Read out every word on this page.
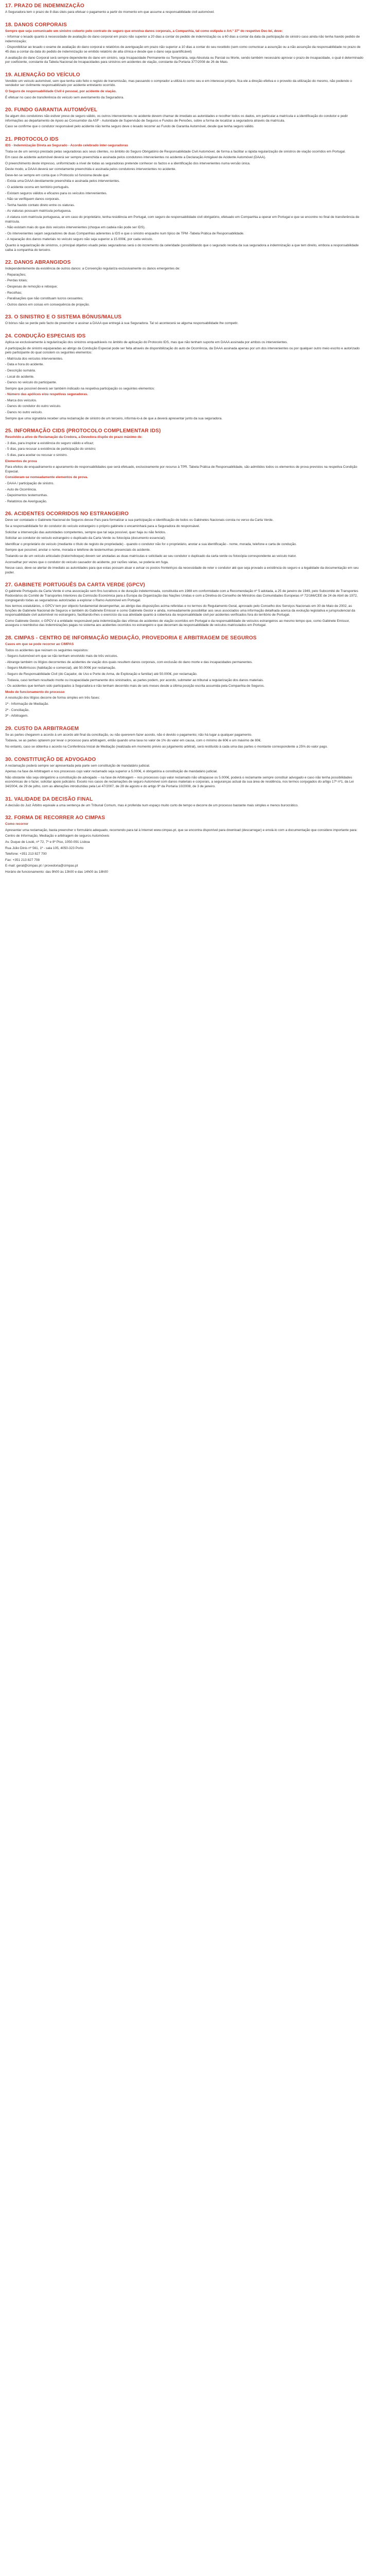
17. PRAZO DE INDEMNIZAÇÃO

A Seguradora tem o prazo de 8 dias úteis para efetuar o pagamento a partir do momento em que assume a responsabilidade civil automóvel.

18. DANOS CORPORAIS

Sempre que seja comunicado um sinistro coberto pelo contrato de seguro que envolva danos corporais, a Companhia, tal como estipula o Art.º 37º do respetivo Dec-lei, deve:

- Informar o lesado quanto à necessidade de avaliação do dano corporal em prazo não superior a 20 dias a contar do pedido de indemnização ou a 60 dias a contar da data da participação do sinistro caso ainda não tenha havido pedido de indemnização;

- Disponibilizar ao lesado o exame de avaliação do dano corporal e relatórios de averiguação em prazo não superior a 10 dias a contar do seu recebido (sem como comunicar a assunção ou a não assunção da responsabilidade no prazo de 45 dias a contar da data do pedido de indemnização se emitido relatório de alta clínica e desde que o dano seja quantificável)

A avaliação do dano Corporal será sempre dependente do dano em sinistro, seja Incapacidade Permanente ou Temporária, seja Absoluta ou Parcial ou Morte, sendo também necessário aprovar o prazo de incapacidade, o qual é determinado por coeficiente, constante da Tabela Nacional de Incapacidades para sinistros em acidentes de viação, constante da Portaria 377/2008 de 26 de Maio.

19. ALIENAÇÃO DO VEÍCULO

Vendido um veículo automóvel, sem que tenha sido feito o registo de transmissão, mas passando o comprador a utilizá-lo como seu e em interesse próprio, fica ele a direção efetiva e o proveito da utilização do mesmo, não podendo o vendedor ser civilmente responsabilizado por acidente entretanto ocorrido.

O Seguro de responsabilidade Civil é pessoal, por acidente de viação.

É efetuar no caso de transferência do veículo sem aventamento da Seguradora.

20. FUNDO GARANTIA AUTOMÓVEL

Se algum dos condutores não estiver preso de seguro válido, os outros intervenientes no acidente devem chamar de imediato as autoridades e recolher todos os dados, em particular a matrícula e a identificação do condutor e pedir informações ao departamento de Apoio ao Consumidor da ASF - Autoridade de Supervisão de Seguros e Fundos de Pensões, sobre a forma de localizar a seguradora através da matrícula.

Caso se confirme que o condutor responsável pelo acidente não tenha seguro deve o lesado recorrer ao Fundo de Garantia Automóvel, desde que tenha seguro válido.

21. PROTOCOLO IDS

IDS - Indemnização Direta ao Segurado - Acordo celebrado inter-seguradoras

Trata-se de um serviço prestado pelas seguradoras aos seus clientes, no âmbito do Seguro Obrigatório de Responsabilidade Civil Automóvel, de forma a facilitar a rápida regularização de sinistros de viação ocorridos em Portugal.

Em caso de acidente automóvel deverá ser sempre preenchida e assinada pelos condutores intervenientes no acidente a Declaração Amigável de Acidente Automóvel (DAAA).

O preenchimento deste impresso, uniformizado a nível de todas as seguradoras pretende conhecer os factos e a identificação dos intervenientes numa versão única.

Deste modo, a DAAA deverá ser corretamente preenchida e assinada pelos condutores intervenientes no acidente.

Deve-ter-se sempre em conta que o Protocolo só funciona desde que:

- Exista uma DAAA devidamente preenchida e assinada pelos intervenientes.

- O acidente ocorra em território português.

- Existam seguros válidos e eficazes para os veículos intervenientes.

- Não se verifiquem danos corporais.

- Tenha havido contato direto entre os viaturas.

- As viaturas possuam matrícula portuguesa.

- A viatura com matrícula portuguesa, ar em caso do proprietário, tenha residência em Portugal, com seguro de responsabilidade civil obrigatório, efetuado em Companhia a operar em Portugal e que se encontre no final de transferência de matrícula.

- Não existam mais do que dois veículos intervenientes (choque em cadeia não pode ser IDS).

- Os intervenientes sejam seguradores de duas Companhias aderentes à IDS e que o sinistro enquadre num típico de TPM -Tabela Prática de Responsabilidade.

- A reparação dos danos materiais no veículo seguro não seja superior a 15.000€, por cada veículo.

Quanto à regularização de sinistros, o principal objetivo visado pelas seguradoras será o do incremento da celeridade (possibilitando que o segurado receba da sua seguradora a indemnização a que tem direito, embora a responsabilidade caiba à companhia do terceiro.

22. DANOS ABRANGIDOS

Independentemente da existência de outros danos: a Convenção regulariza exclusivamente os danos emergentes de:

- Reparações;

- Perdas totais;

- Despesas de remoção e reboque;

- Recolhas;

- Paralisações que não constituam lucros cessantes;

- Outros danos em coisas em consequência de projeção.

23. O SINISTRO E O SISTEMA BÓNUS/MALUS

O bónus não se perde pelo facto de preencher e assinar a DAAA que entregá à sua Seguradora. Tal só acontecerá se alguma responsabilidade lhe competir.

24. CONDUÇÃO ESPECIAIS IDS

Aplica-se exclusivamente à regularização dos sinistros enquadráveis no âmbito de aplicação do Protocolo IDS, mas que não tenham suporte em DAAA assinada por ambos os intervenientes.

A participação de sinistro equiparadas ao abrigo da Condução Especial pode ser feita através de disponibilização do auto de Ocorrência, da DAAA assinada apenas por um dos intervenientes ou por qualquer outro meio escrito e autorizado pelo participante do qual constem os seguintes elementos:

- Matrícula dos veículos intervenientes.

- Data e hora do acidente.

- Descrição sumária.

- Local do acidente.

- Danos no veículo do participante.

Sempre que possível deverá ser também indicado na respetiva participação os seguintes elementos:

- Número das apólices e/ou respetivas seguradoras.

- Marca dos veículos.

- Danos do condutor do outro veículo.

- Danos no outro veículo.

Sempre que uma signatária receber uma reclamação de sinistro de um terceiro, informá-lo-á de que a deverá apresentar junto da sua seguradora.

25. INFORMAÇÃO CIDS (PROTOCOLO COMPLEMENTAR IDS)

Resolvido a ativo de Reclamação da Credora, a Devedora dispõe do prazo máximo de:

- 3 dias, para inspirar a existência do seguro válido e eficaz;

- 5 dias, para recusar a existência de participação do sinistro;

- 5 dias, para aceitar ou recusar o sinistro.

Elementos de prova

Para efeitos de enquadramento e apuramento de responsabilidades que será efetuado, exclusivamente por recurso à TPR. Tabela Prática de Responsabilidade, são admitidos todos os elementos de prova previstos na respetiva Condição Especial.

Consideram-se nomeadamente elementos de prova.

- DAAA / participação de sinistro.

- Auto de Ocorrência.

- Depoimentos testemunhas.

- Relatórios de Averiguação.

26. ACIDENTES OCORRIDOS NO ESTRANGEIRO

Deve ser contatado o Gabinete Nacional de Seguros desse País para formalizar a sua participação e identificação de todos os Gabinetes Nacionais consta no verso da Carta Verde.

Se a responsabilidade for do condutor do veículo estrangeiro o próprio gabinete o encaminhará para a Seguradora do responsável.

Solicitar a intervenção das autoridades competentes, sempre que tal seja possível, quer haja ou não feridos.

Solicitar ao condutor do veículo estrangeiro o duplicado da Carta Verde ou fotocópia (documento essencial);

Identificar o proprietário do veículo (mediante o título de registo de propriedade) - quando o condutor não for o proprietário, anotar a sua identificação - nome, morada, telefone e carta de condução.

Sempre que possível, anotar o nome, morada e telefone de testemunhas presenciais do acidente.

Tratando-se de um veículo articulado (trator/reboque) devem ser anotadas as duas matrículas e solicitado ao seu condutor o duplicado da carta verde ou fotocópia correspondente ao veículo trator.

Aconselhar por vezes que o condutor do veículo causador do acidente, por razões várias, se poderia em fuga.

Nesse caso, deve-se alertar de imediato as autoridades para que estas possam atuar e avisar os postos fronteiriços da necessidade de reter o condutor até que seja provado a existência do seguro e a legalidade da documentação em seu poder.

27. GABINETE PORTUGUÊS DA CARTA VERDE (GPCV)

O gabinete Português da Carta Verde é uma associação sem fins lucrativos e de duração indeterminada, constituída em 1988 em conformidade com a Recomendação nº 5 adotada, a 25 de janeiro de 1949, pelo Subcomité de Transportes Rodoviários do Comité de Transportes Interiores da Comissão Económica para a Europa da Organização das Nações Unidas e com a Diretiva do Conselho de Ministros das Comunidades Europeias nº 72/166/CEE de 24 de Abril de 1972, congregando todas as seguradoras autorizadas a explorar o Ramo Automóvel em Portugal.

Nos termos estatutários, o GPCV tem por objecto fundamental desempenhar, ao abrigo das disposições acima referidas e no termos do Regulamento Geral, aprovado pelo Conselho dos Serviços Nacionais em 30 de Maio de 2002, as funções de Gabinete Nacional de Seguros e também do Gabinete Emissor e como Gabinete Gestor e ainda, nomeadamente possibilitar aos seus associados uma informação detalhada acerca da evolução legislativa e jurisprudencial da responsabilidade civil automóvel no estrangeiro, facilitando-lhes o exercício da sua atividade quanto à cobertura da responsabilidade civil por acidentes verificados fora do território de Portugal.

Como Gabinete Gestor, o GPCV é a entidade responsável pela indemnização das vítimas de acidentes de viação ocorridos em Portugal e da responsabilidade de veículos estrangeiros ao mesmo tempo que, como Gabinete Emissor, assegura o reembolso das indemnizações pagas no sistema aos acidentes ocorridos no estrangeiro e que decorram da responsabilidade de veículos matriculados em Portugal.

28. CIMPAS - CENTRO DE INFORMAÇÃO MEDIAÇÃO, PROVEDORIA E ARBITRAGEM DE SEGUROS

Casos em que se pode recorrer ao CIMPAS

Todos os acidentes que reúnam os seguintes requisitos:

- Seguro Automóvel em que se não tenham envolvido mais de três veículos.

- Abrange também os litígios decorrentes de acidentes de viação dos quais resultem danos corporais, com exclusão do dano morte e das incapacidades permanentes.

- Seguro Multirriscos (habitação e comercial), até 50.000€ por reclamação.

- Seguro de Responsabilidade Civil (do Caçador, de Uso e Porte de Arma, de Exploração e familiar) até 50.000€, por reclamação.

- Todavia, caso tenham resultado morte ou incapacidade permanente dos sinistrados, as partes podem, por acordo, submeter ao tribunal a regularização dos danos materiais.

- Os acidentes que tenham sido participados à Seguradora e não tenham decorrido mais de seis meses desde a última posição escrita assumida pela Companhia de Seguros.

Modo de funcionamento do processo

A resolução dos litígios decorre de forma simples em três fases:

1ª - Informação de Mediação.

2ª - Conciliação.

3ª - Arbitragem.

29. CUSTO DA ARBITRAGEM

Se as partes chegarem a acordo à um acordo até final da conciliação, ou não quererem fazer acordo, não é devido o pagamento; não há lugar a qualquer pagamento.

Todavia, se as partes optarem por levar o processo para arbitragem, então quando uma taxa no valor de 1% do valor em causa, com o mínimo de 60€ e um máximo de 80€.

No entanto, caso se obtenha o acordo na Conferência Inicial de Mediação (realizada em momento prévio ao julgamento arbitral), será restituído à cada uma das partes o montante correspondente a 25% do valor pago.

30. CONSTITUIÇÃO DE ADVOGADO

A reclamação poderá sempre ser apresentada pela parte sem constituição de mandatário judicial.

Apenas na fase de Arbitragem e nos processos cujo valor reclamado seja superior a 5.000€, é obrigatória a constituição de mandatário judicial.

Não obstante não seja obrigatório a constituição de advogado – na fase de Arbitragem – nos processos cujo valor reclamado não ultrapasse os 5.000€, poderá o reclamante sempre constituir advogado e caso não tenha possibilidades económicas de o fazer, solicitar apoio judiciário. Exceto nos casos de reclamações de seguro Automóvel com danos materiais e corporais, a seguranças actual da sua área de residência, nos termos conjugados do artigo 17º nº1, da Lei 34/2004, de 29 de julho, com as alterações introduzidas pela Lei 47/2007, de 28 de agosto e do artigo 9º da Portaria 10/2008, de 3 de janeiro.

31. VALIDADE DA DECISÃO FINAL

A decisão do Juiz Árbitro equivale a uma sentença de um Tribunal Comum, mas é proferida num espaço muito curto de tempo e decorre de um processo bastante mais simples e menos burocrático.

32. FORMA DE RECORRER AO CIMPAS

Como recorrer

Apresentar uma reclamação, basta preencher o formulário adequado, recorrendo para tal à Internet www.cimpas.pt, que se encontra disponível para download (descarregar) e enviá-lo com a documentação que considere importante para:

Centro de Informação, Mediação e arbitragem de seguros Automóveis

Av. Duque de Loulé, nº 72, 7º e 8º Piso, 1050-091 Lisboa

Rua Júlio Dinis nº 561, 1º - sala 105, 4050-323 Porto

Telefone: +351 213 827 700

Fax: +351 213 827 708

E-mail: geral@cimpas.pt / provedoria@cimpas.pt

Horário de funcionamento: das 9h00 às 13h00 e das 14h00 às 18h00
